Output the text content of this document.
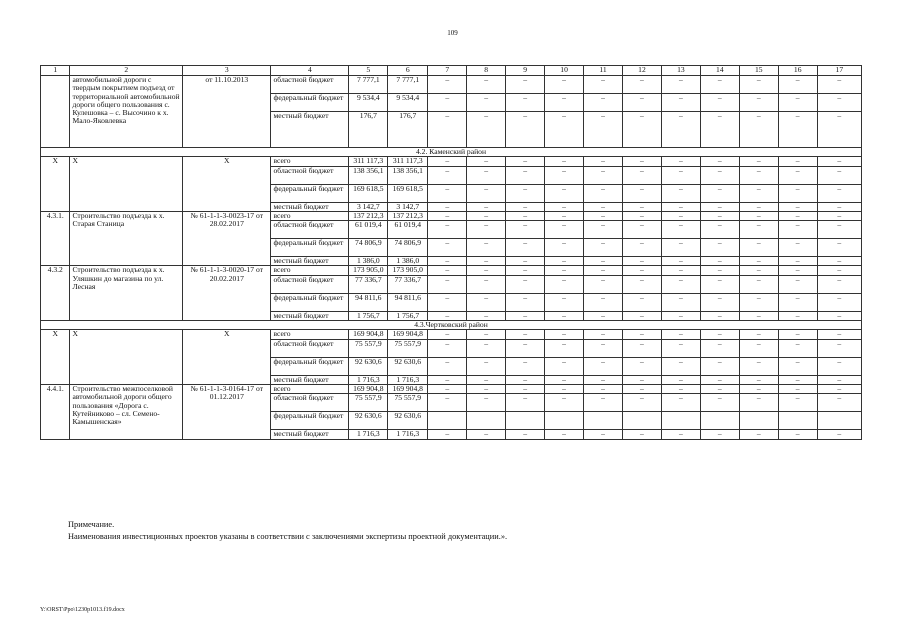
109
1	2	3	4	5	6	7	8	9	10	11	12	13	14	15	16	17
	автомобильной дороги с твердым покрытием подъезд от территориальной автомобильной дороги общего пользования с. Кулешовка – с. Высочино к х. Мало-Яковлевка	от 11.10.2013	областной бюджет	7 777,1	7 777,1	–	–	–	–	–	–	–	–	–	–	–
			федеральный бюджет	9 534,4	9 534,4	–	–	–	–	–	–	–	–	–	–	–
			местный бюджет	176,7	176,7	–	–	–	–	–	–	–	–	–	–	–
4.2. Каменский район																
Х	Х	Х	всего	311 117,3	311 117,3	–	–	–	–	–	–	–	–	–	–	–
			областной бюджет	138 356,1	138 356,1	–	–	–	–	–	–	–	–	–	–	–
			федеральный бюджет	169 618,5	169 618,5	–	–	–	–	–	–	–	–	–	–	–
			местный бюджет	3 142,7	3 142,7	–	–	–	–	–	–	–	–	–	–	–
4.3.1.	Строительство подъезда к х. Старая Станица	№ 61-1-1-3-0023-17 от 28.02.2017	всего	137 212,3	137 212,3	–	–	–	–	–	–	–	–	–	–	–
			областной бюджет	61 019,4	61 019,4	–	–	–	–	–	–	–	–	–	–	–
			федеральный бюджет	74 806,9	74 806,9	–	–	–	–	–	–	–	–	–	–	–
			местный бюджет	1 386,0	1 386,0	–	–	–	–	–	–	–	–	–	–	–
4.3.2	Строительство подъезда к х. Уляшкин до магазина по ул. Лесная	№ 61-1-1-3-0020-17 от 20.02.2017	всего	173 905,0	173 905,0	–	–	–	–	–	–	–	–	–	–	–
			областной бюджет	77 336,7	77 336,7	–	–	–	–	–	–	–	–	–	–	–
			федеральный бюджет	94 811,6	94 811,6	–	–	–	–	–	–	–	–	–	–	–
			местный бюджет	1 756,7	1 756,7	–	–	–	–	–	–	–	–	–	–	–
4.3.Чертковский район																
Х	Х	Х	всего	169 904,8	169 904,8	–	–	–	–	–	–	–	–	–	–	–
			областной бюджет	75 557,9	75 557,9	–	–	–	–	–	–	–	–	–	–	–
			федеральный бюджет	92 630,6	92 630,6	–	–	–	–	–	–	–	–	–	–	–
			местный бюджет	1 716,3	1 716,3	–	–	–	–	–	–	–	–	–	–	–
4.4.1.	Строительство межпоселковой автомобильной дороги общего пользования «Дорога с. Кутейниково – сл. Семено-Камышенская»	№ 61-1-1-3-0164-17 от 01.12.2017	всего	169 904,8	169 904,8	–	–	–	–	–	–	–	–	–	–	–
			областной бюджет	75 557,9	75 557,9	–	–	–	–	–	–	–	–	–	–	–
			федеральный бюджет	92 630,6	92 630,6											
			местный бюджет	1 716,3	1 716,3	–	–	–	–	–	–	–	–	–	–	–
Примечание.
Наименования инвестиционных проектов указаны в соответствии с заключениями экспертизы проектной документации.».
Y:\ORST\Ppo\1230p1013.f19.docx
